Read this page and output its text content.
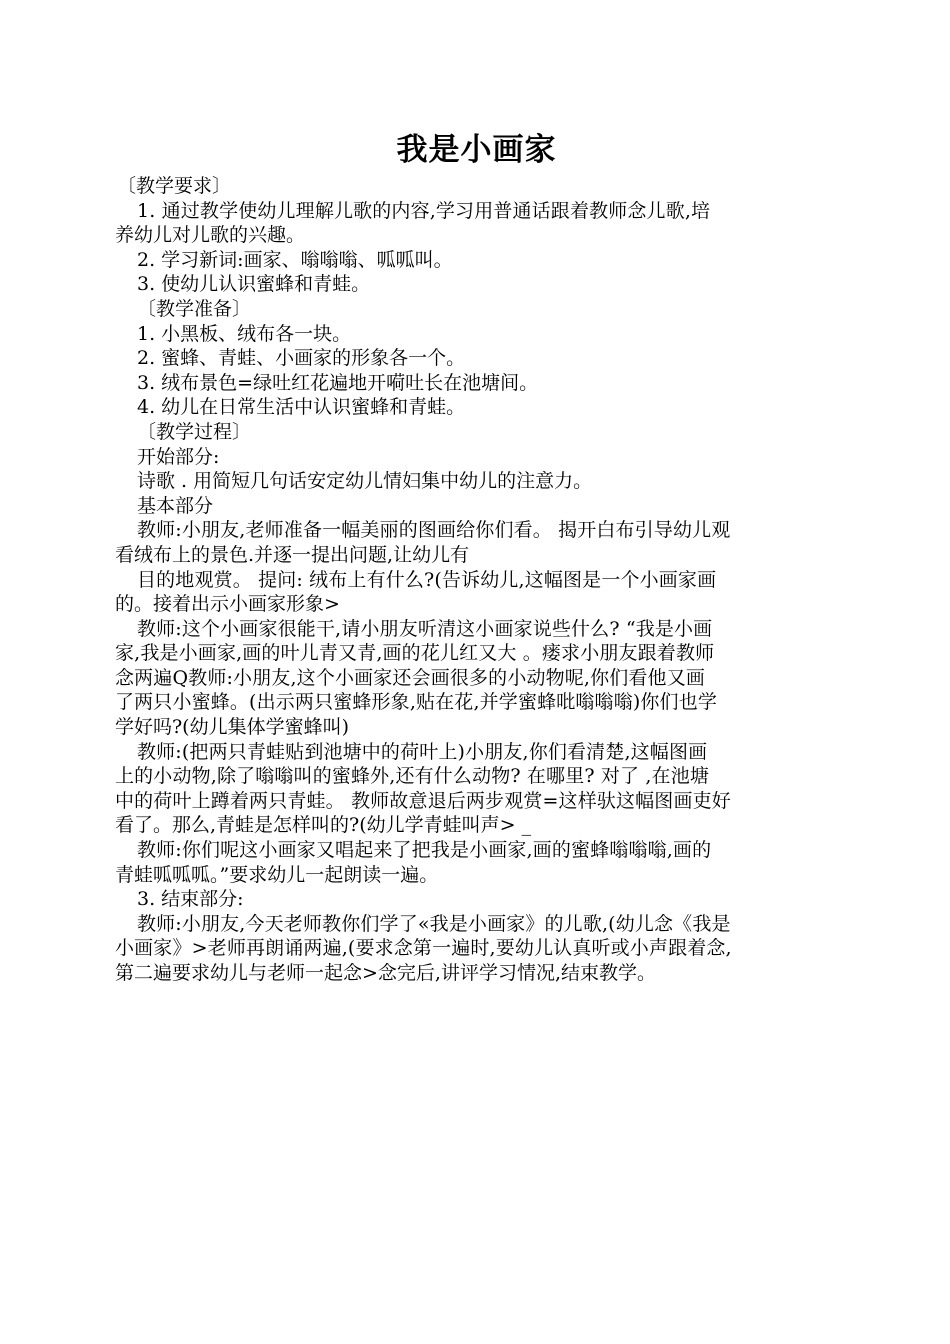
我是小画家
〔教学要求〕
1. 通过教学使幼儿理解儿歌的内容,学习用普通话跟着教师念儿歌,培
养幼儿对儿歌的兴趣。
2. 学习新词:画家、嗡嗡嗡、呱呱叫。
3. 使幼儿认识蜜蜂和青蛙。
〔教学准备〕
1. 小黑板、绒布各一块。
2. 蜜蜂、青蛙、小画家的形象各一个。
3. 绒布景色=绿吐红花遍地开嗬吐长在池塘间。
4. 幼儿在日常生活中认识蜜蜂和青蛙。
〔教学过程〕
开始部分:
诗歌 . 用简短几句话安定幼儿情妇集中幼儿的注意力。
基本部分
教师:小朋友,老师准备一幅美丽的图画给你们看。 揭开白布引导幼儿观
看绒布上的景色.并逐一提出问题,让幼儿有
目的地观赏。 提问: 绒布上有什么?(告诉幼儿,这幅图是一个小画家画
的。接着出示小画家形象>
教师:这个小画家很能干,请小朋友听清这小画家说些什么? “我是小画
家,我是小画家,画的叶儿青又青,画的花儿红又大 。瘘求小朋友跟着教师
念两遍Q教师:小朋友,这个小画家还会画很多的小动物呢,你们看他又画
了两只小蜜蜂。(出示两只蜜蜂形象,贴在花,并学蜜蜂吡嗡嗡嗡)你们也学
学好吗?(幼儿集体学蜜蜂叫)
教师:(把两只青蛙贴到池塘中的荷叶上)小朋友,你们看清楚,这幅图画
上的小动物,除了嗡嗡叫的蜜蜂外,还有什么动物? 在哪里? 对了 ,在池塘
中的荷叶上蹲着两只青蛙。 教师故意退后两步观赏=这样驮这幅图画吏好
看了。那么,青蛙是怎样叫的?(幼儿学青蛙叫声> _
教师:你们呢这小画家又唱起来了把我是小画家,画的蜜蜂嗡嗡嗡,画的
青蛙呱呱呱。”要求幼儿一起朗读一遍。
3. 结束部分:
教师:小朋友,今天老师教你们学了«我是小画家》的儿歌,(幼儿念《我是
小画家》>老师再朗诵两遍,(要求念第一遍时,要幼儿认真听或小声跟着念,
第二遍要求幼儿与老师一起念>念完后,讲评学习情况,结束教学。
